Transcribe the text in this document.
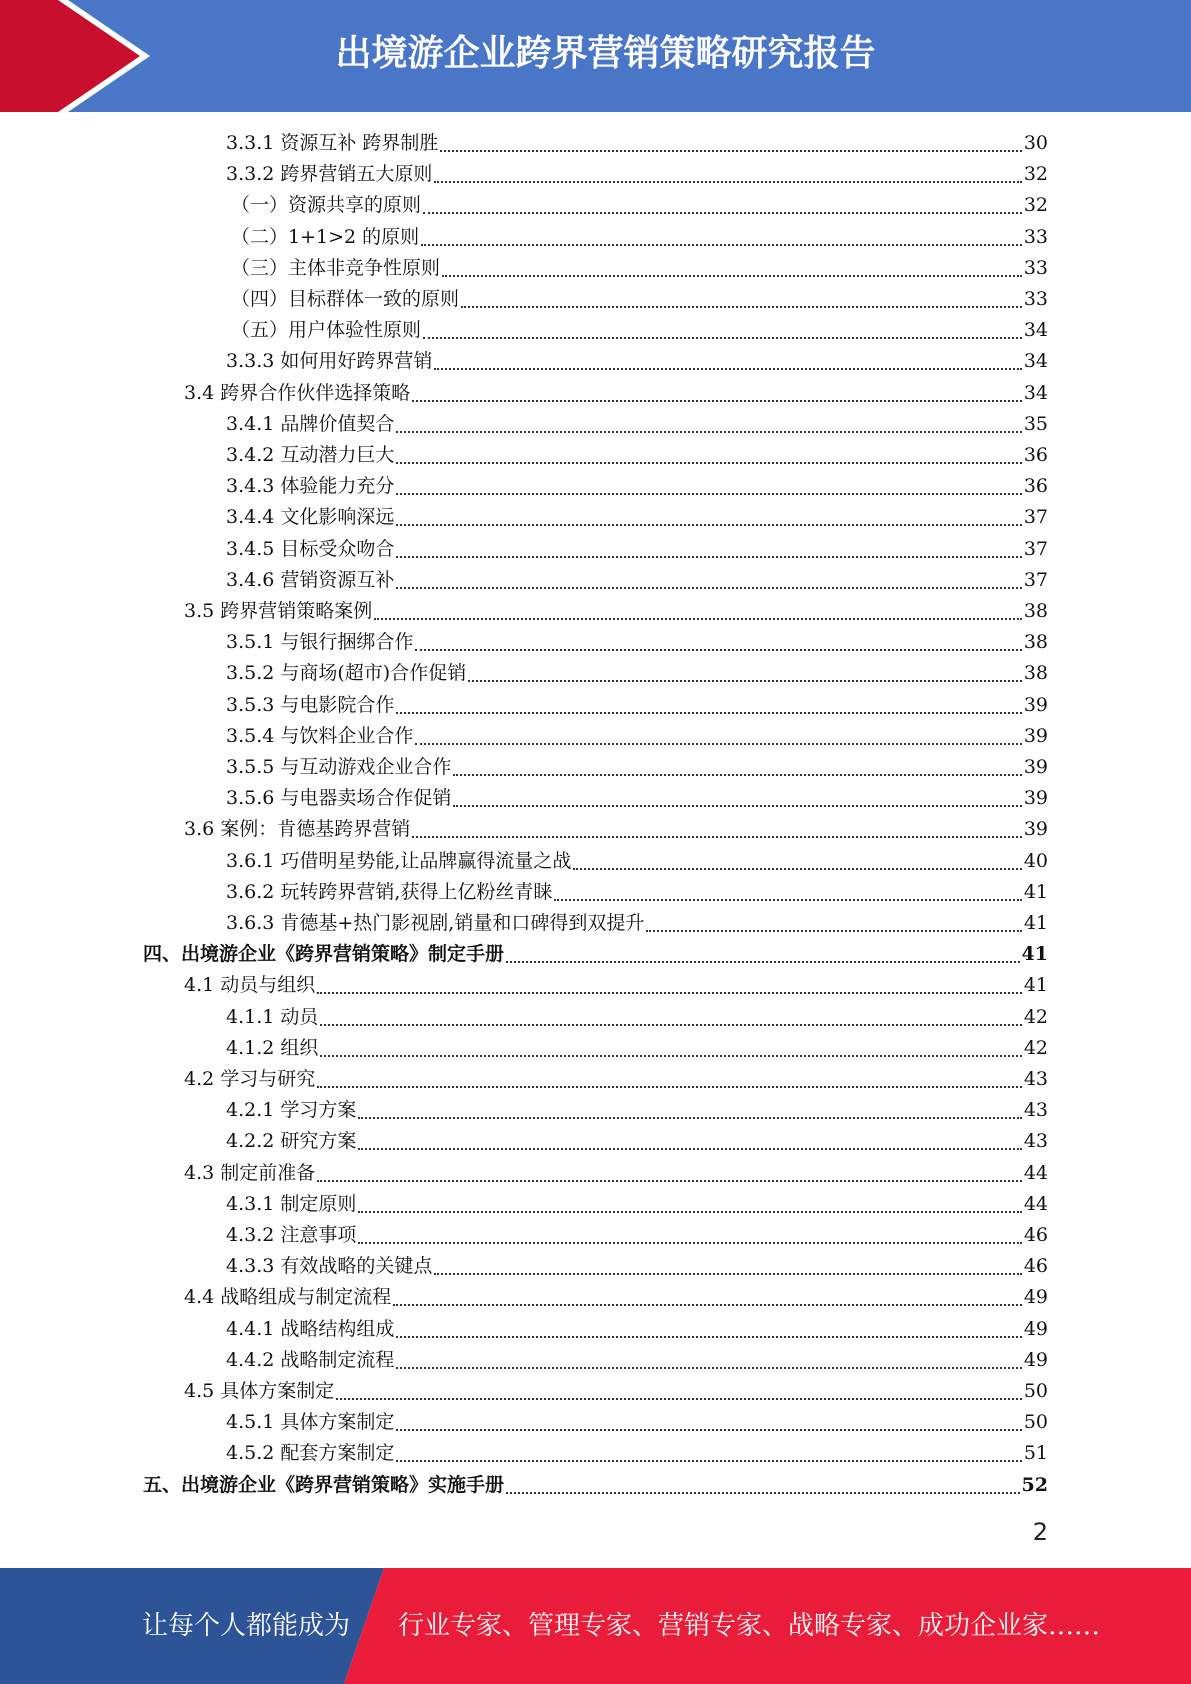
出境游企业跨界营销策略研究报告
3.3.1 资源互补 跨界制胜	30
3.3.2 跨界营销五大原则	32
（一）资源共享的原则	32
（二）1+1>2 的原则	33
（三）主体非竞争性原则	33
（四）目标群体一致的原则	33
（五）用户体验性原则	34
3.3.3 如何用好跨界营销	34
3.4 跨界合作伙伴选择策略	34
3.4.1 品牌价值契合	35
3.4.2 互动潜力巨大	36
3.4.3 体验能力充分	36
3.4.4 文化影响深远	37
3.4.5 目标受众吻合	37
3.4.6 营销资源互补	37
3.5 跨界营销策略案例	38
3.5.1 与银行捆绑合作	38
3.5.2 与商场(超市)合作促销	38
3.5.3 与电影院合作	39
3.5.4 与饮料企业合作	39
3.5.5 与互动游戏企业合作	39
3.5.6 与电器卖场合作促销	39
3.6 案例：肯德基跨界营销	39
3.6.1 巧借明星势能,让品牌赢得流量之战	40
3.6.2 玩转跨界营销,获得上亿粉丝青睐	41
3.6.3 肯德基+热门影视剧,销量和口碑得到双提升	41
四、出境游企业《跨界营销策略》制定手册	41
4.1 动员与组织	41
4.1.1 动员	42
4.1.2 组织	42
4.2 学习与研究	43
4.2.1 学习方案	43
4.2.2 研究方案	43
4.3 制定前准备	44
4.3.1 制定原则	44
4.3.2 注意事项	46
4.3.3 有效战略的关键点	46
4.4 战略组成与制定流程	49
4.4.1 战略结构组成	49
4.4.2 战略制定流程	49
4.5 具体方案制定	50
4.5.1 具体方案制定	50
4.5.2 配套方案制定	51
五、出境游企业《跨界营销策略》实施手册	52
2
让每个人都能成为 行业专家、管理专家、营销专家、战略专家、成功企业家……
